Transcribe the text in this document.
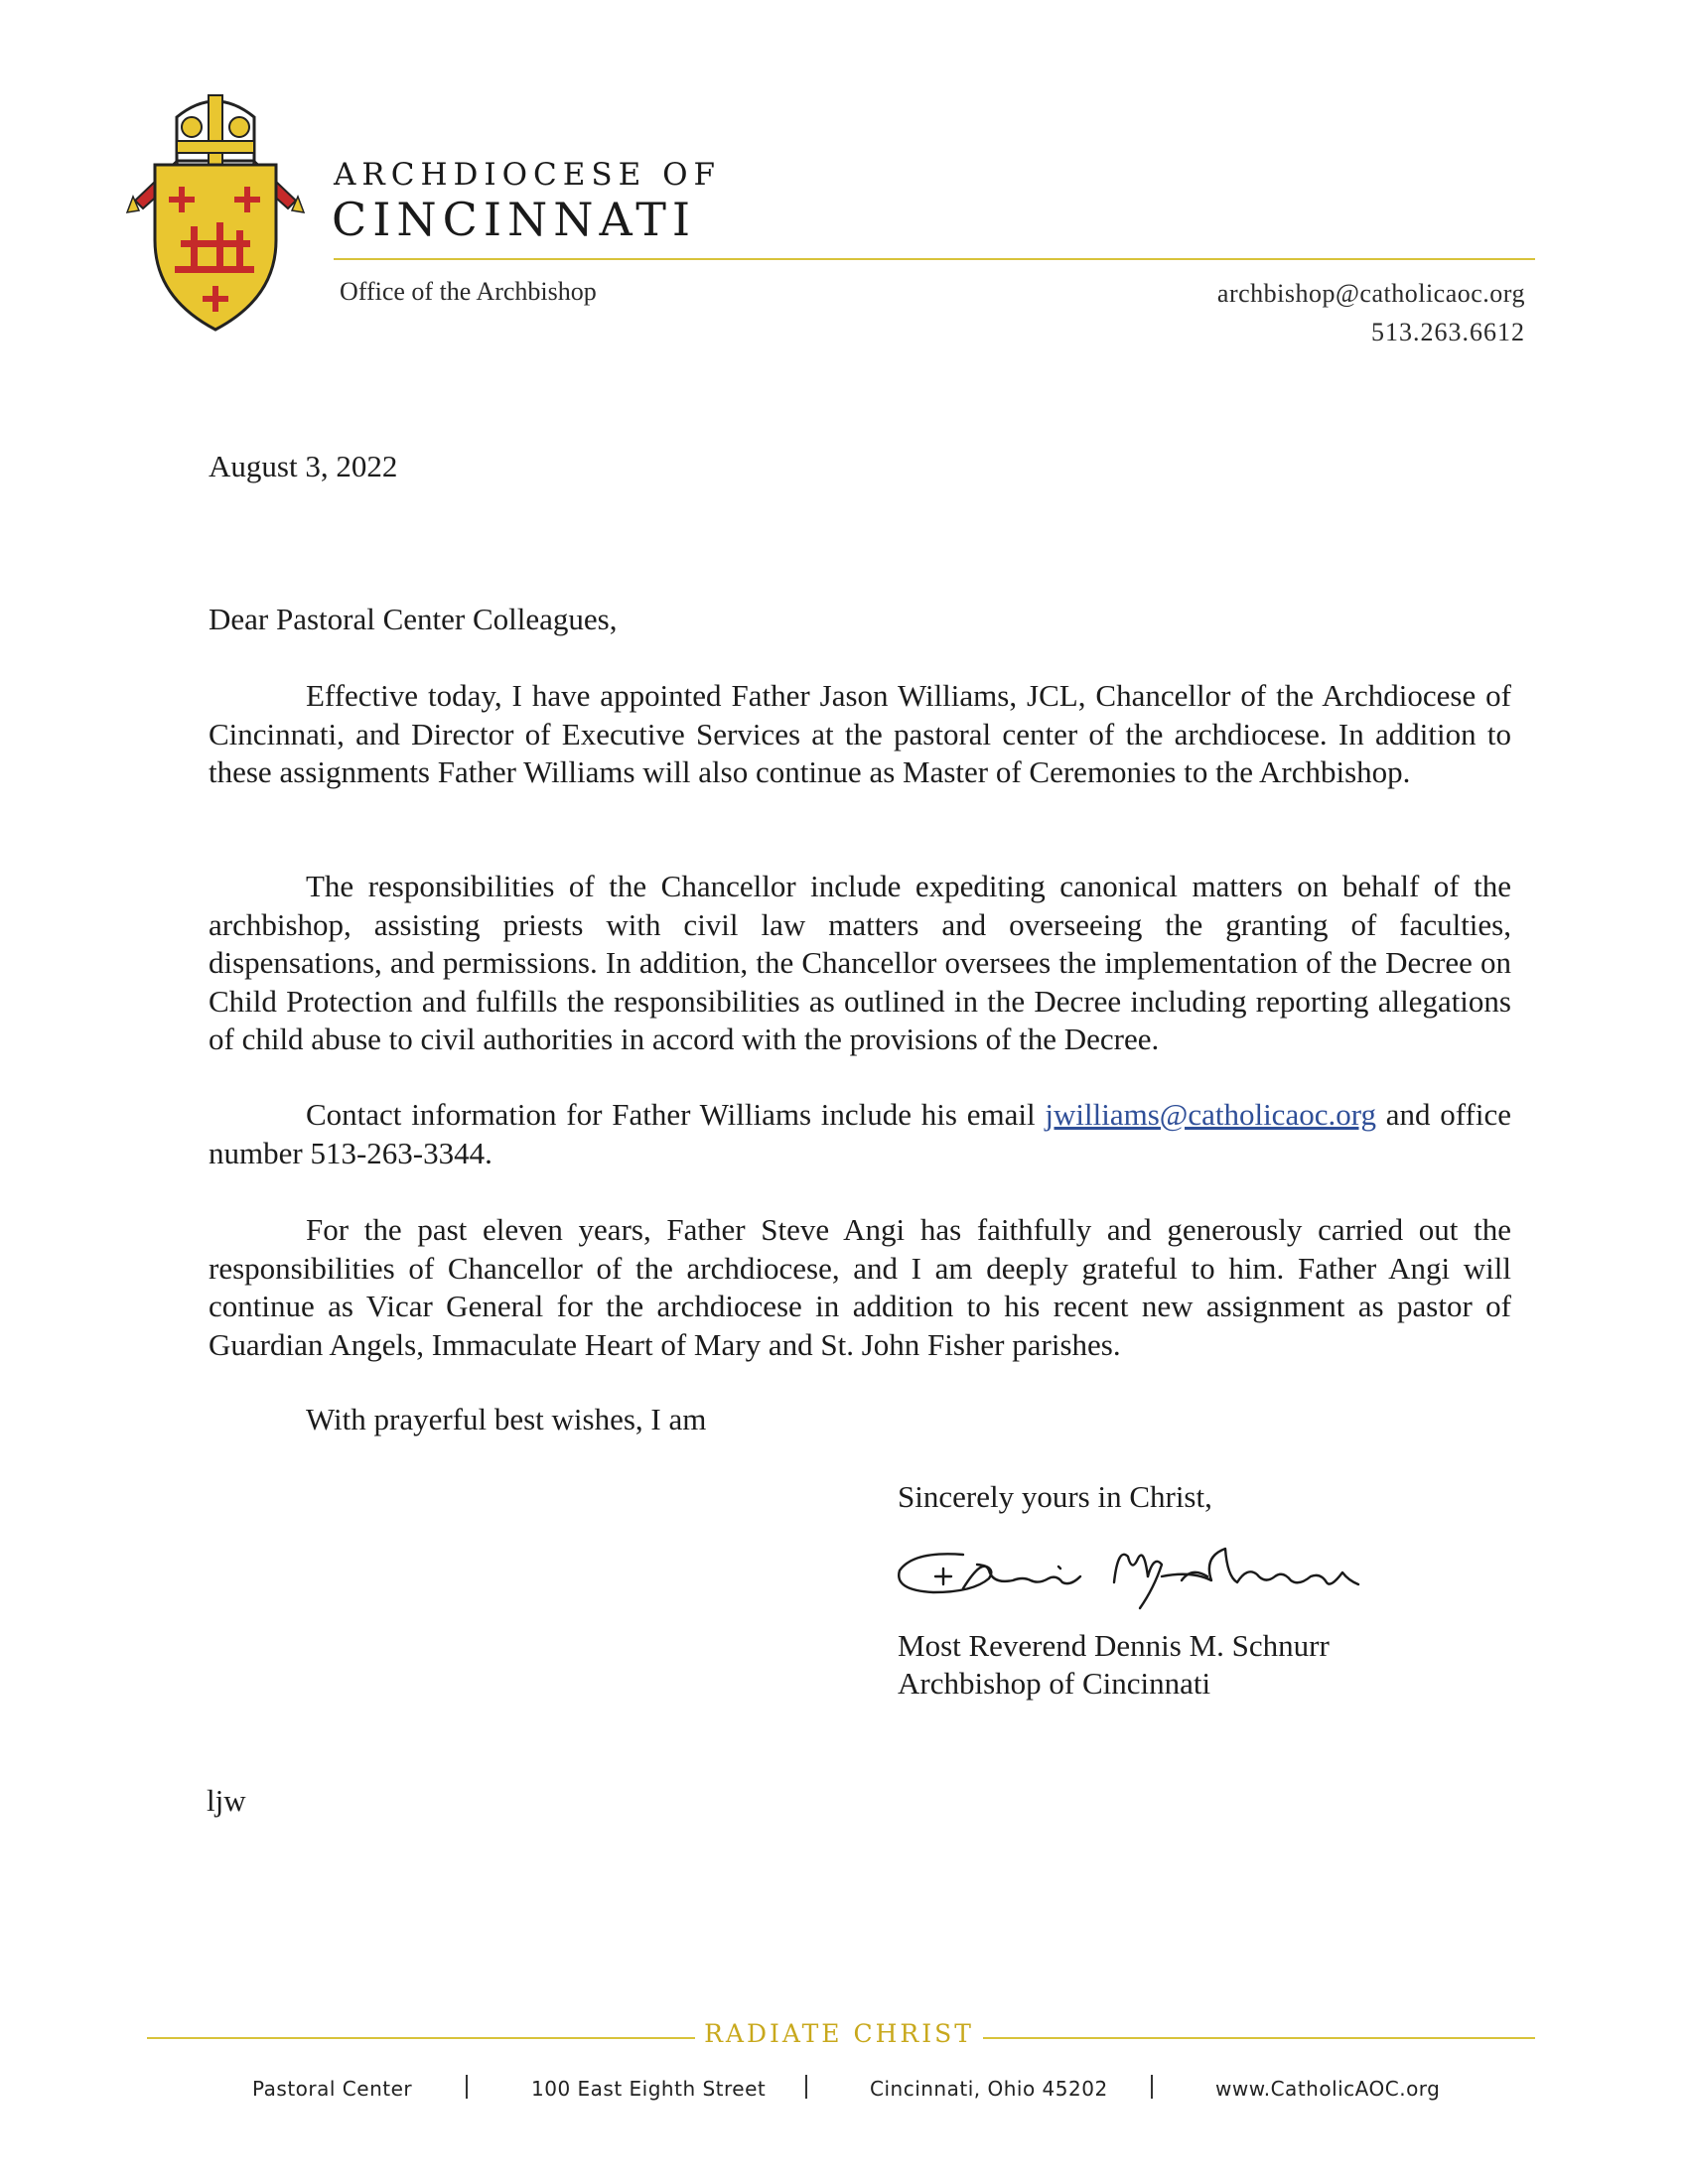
ARCHDIOCESE OF
CINCINNATI
Office of the Archbishop	archbishop@catholicaoc.org
513.263.6612
August 3, 2022
Dear Pastoral Center Colleagues,
Effective today, I have appointed Father Jason Williams, JCL, Chancellor of the Archdiocese of Cincinnati, and Director of Executive Services at the pastoral center of the archdiocese. In addition to these assignments Father Williams will also continue as Master of Ceremonies to the Archbishop.
The responsibilities of the Chancellor include expediting canonical matters on behalf of the archbishop, assisting priests with civil law matters and overseeing the granting of faculties, dispensations, and permissions. In addition, the Chancellor oversees the implementation of the Decree on Child Protection and fulfills the responsibilities as outlined in the Decree including reporting allegations of child abuse to civil authorities in accord with the provisions of the Decree.
Contact information for Father Williams include his email jwilliams@catholicaoc.org and office number 513-263-3344.
For the past eleven years, Father Steve Angi has faithfully and generously carried out the responsibilities of Chancellor of the archdiocese, and I am deeply grateful to him. Father Angi will continue as Vicar General for the archdiocese in addition to his recent new assignment as pastor of Guardian Angels, Immaculate Heart of Mary and St. John Fisher parishes.
With prayerful best wishes, I am
Sincerely yours in Christ,
Most Reverend Dennis M. Schnurr
Archbishop of Cincinnati
ljw
RADIATE CHRIST
Pastoral Center	100 East Eighth Street	Cincinnati, Ohio 45202	www.CatholicAOC.org
